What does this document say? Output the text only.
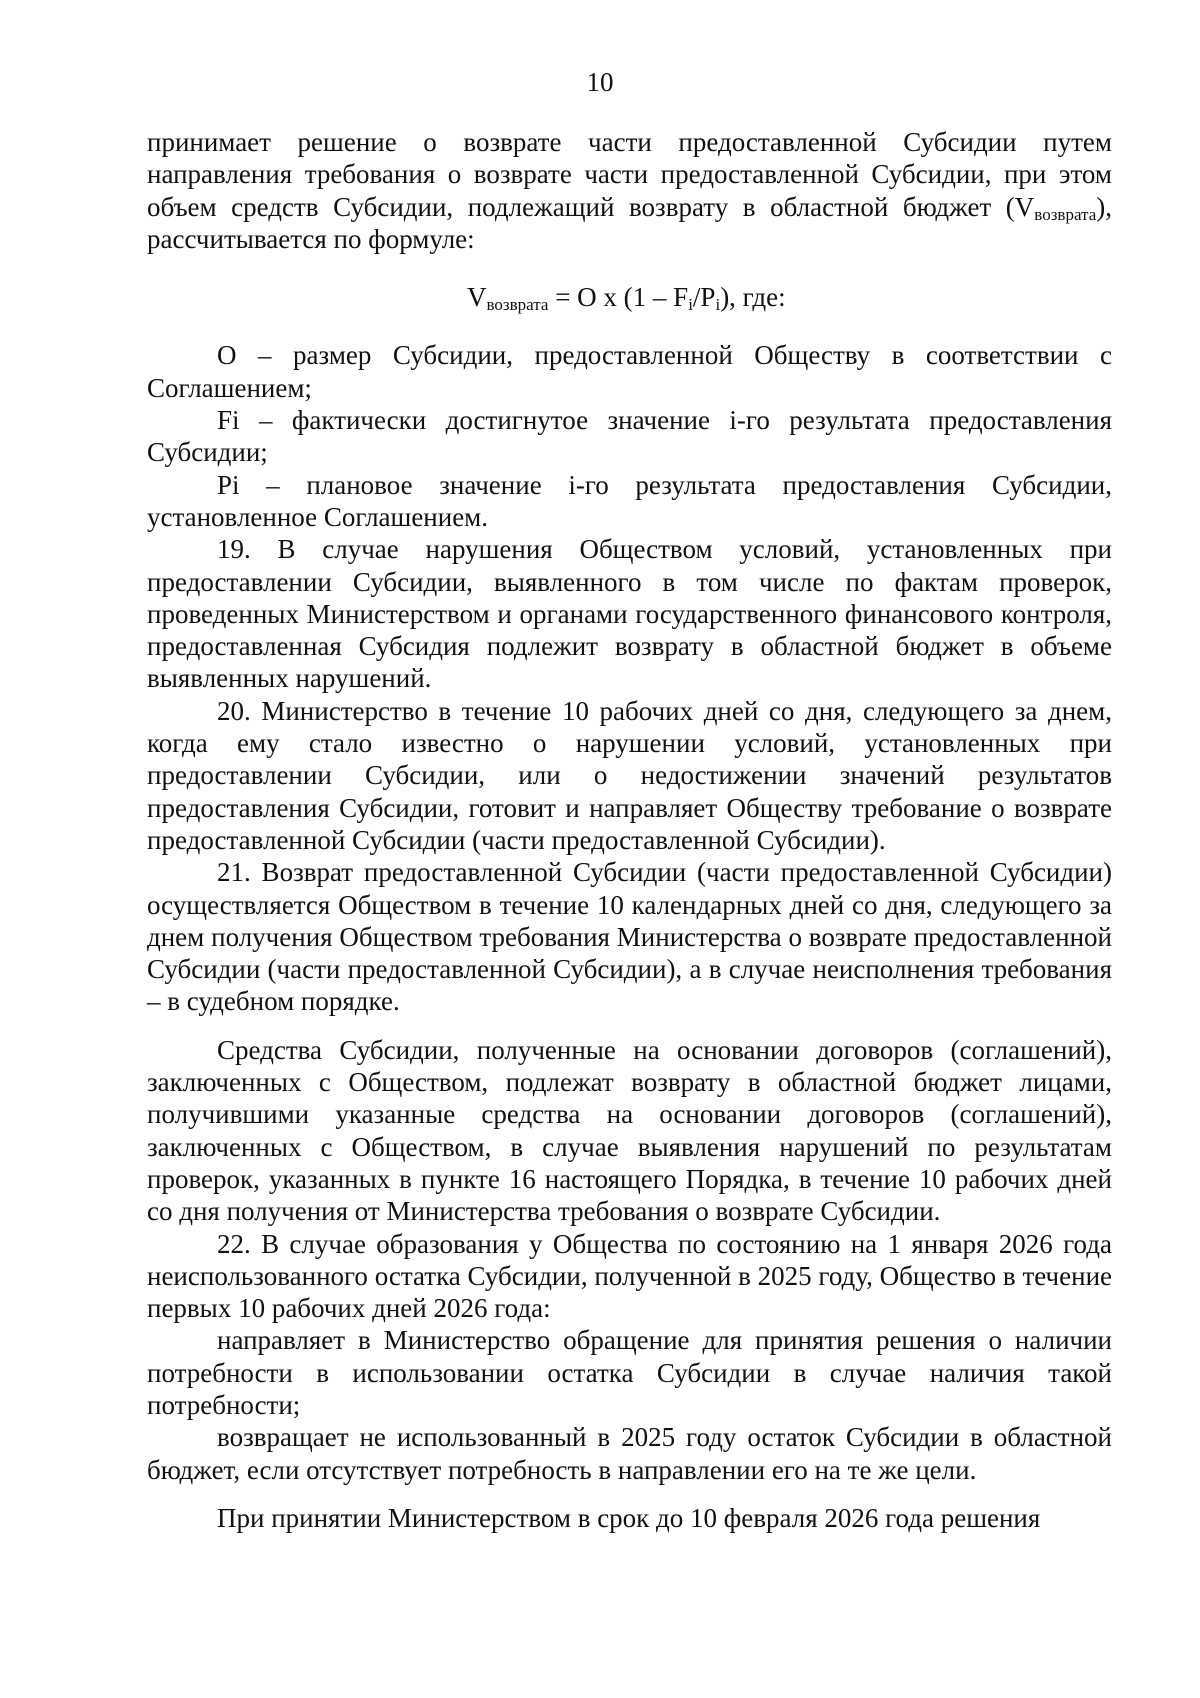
10

принимает решение о возврате части предоставленной Субсидии путем направления требования о возврате части предоставленной Субсидии, при этом объем средств Субсидии, подлежащий возврату в областной бюджет $(V_{возврата})$, рассчитывается по формуле:

$V_{возврата} = O$ x (1 – Fi/Pi), где:

O – размер Субсидии, предоставленной Обществу в соответствии с Соглашением;

Fi – фактически достигнутое значение i-го результата предоставления Субсидии;

Pi – плановое значение i-го результата предоставления Субсидии, установленное Соглашением.

19. В случае нарушения Обществом условий, установленных при предоставлении Субсидии, выявленного в том числе по фактам проверок, проведенных Министерством и органами государственного финансового контроля, предоставленная Субсидия подлежит возврату в областной бюджет в объеме выявленных нарушений.

20. Министерство в течение 10 рабочих дней со дня, следующего за днем, когда ему стало известно о нарушении условий, установленных при предоставлении Субсидии, или о недостижении значений результатов предоставления Субсидии, готовит и направляет Обществу требование о возврате предоставленной Субсидии (части предоставленной Субсидии).

21. Возврат предоставленной Субсидии (части предоставленной Субсидии) осуществляется Обществом в течение 10 календарных дней со дня, следующего за днем получения Обществом требования Министерства о возврате предоставленной Субсидии (части предоставленной Субсидии), а в случае неисполнения требования – в судебном порядке.

Средства Субсидии, полученные на основании договоров (соглашений), заключенных с Обществом, подлежат возврату в областной бюджет лицами, получившими указанные средства на основании договоров (соглашений), заключенных с Обществом, в случае выявления нарушений по результатам проверок, указанных в пункте 16 настоящего Порядка, в течение 10 рабочих дней со дня получения от Министерства требования о возврате Субсидии.

22. В случае образования у Общества по состоянию на 1 января 2026 года неиспользованного остатка Субсидии, полученной в 2025 году, Общество в течение первых 10 рабочих дней 2026 года:

направляет в Министерство обращение для принятия решения о наличии потребности в использовании остатка Субсидии в случае наличия такой потребности;

возвращает не использованный в 2025 году остаток Субсидии в областной бюджет, если отсутствует потребность в направлении его на те же цели.

При принятии Министерством в срок до 10 февраля 2026 года решения
